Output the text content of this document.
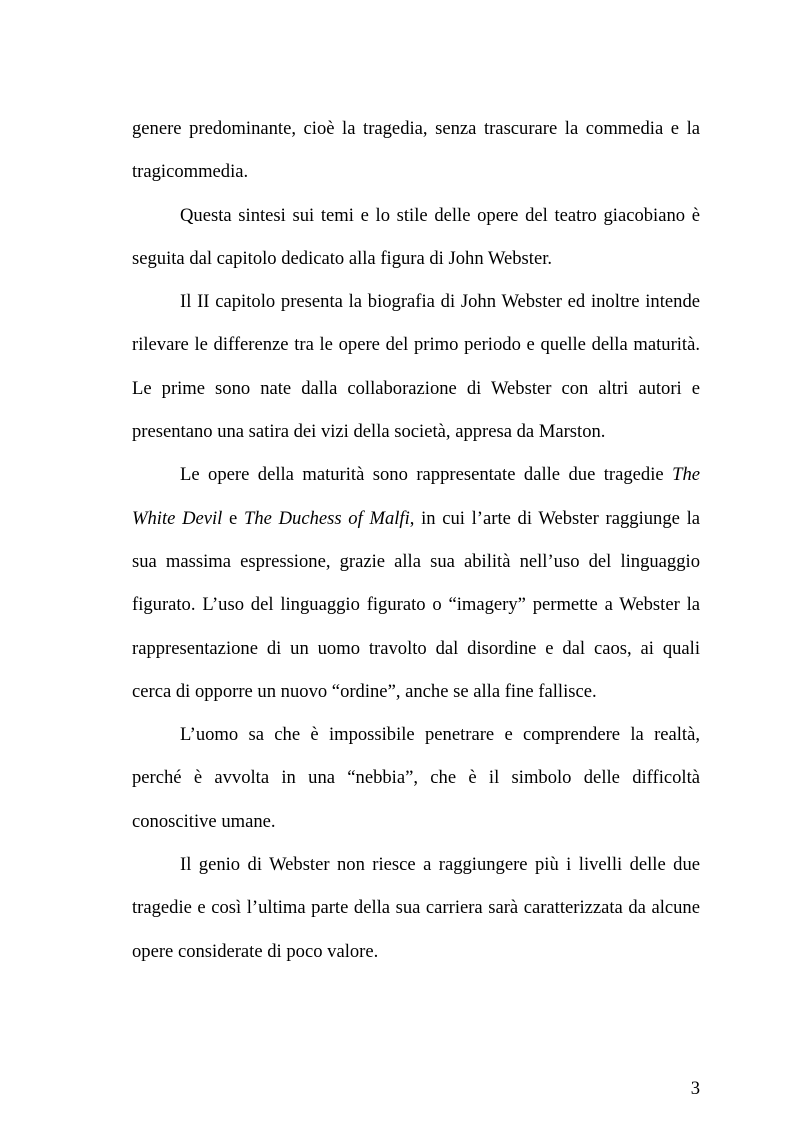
genere predominante, cioè la tragedia, senza trascurare la commedia e la
tragicommedia.
Questa sintesi sui temi e lo stile delle opere del teatro giacobiano è
seguita dal capitolo dedicato alla figura di John Webster.
Il II capitolo presenta la biografia di John Webster ed inoltre intende
rilevare le differenze tra le opere del primo periodo e quelle della maturità.
Le prime sono nate dalla collaborazione di Webster con altri autori e
presentano una satira dei vizi della società, appresa da Marston.
Le opere della maturità sono rappresentate dalle due tragedie The
White Devil e The Duchess of Malfi, in cui l’arte di Webster raggiunge la
sua massima espressione, grazie alla sua abilità nell’uso del linguaggio
figurato. L’uso del linguaggio figurato o “imagery” permette a Webster la
rappresentazione di un uomo travolto dal disordine e dal caos, ai quali
cerca di opporre un nuovo “ordine”, anche se alla fine fallisce.
L’uomo sa che è impossibile penetrare e comprendere la realtà,
perché è avvolta in una “nebbia”, che è il simbolo delle difficoltà
conoscitive umane.
Il genio di Webster non riesce a raggiungere più i livelli delle due
tragedie e così l’ultima parte della sua carriera sarà caratterizzata da alcune
opere considerate di poco valore.
3
